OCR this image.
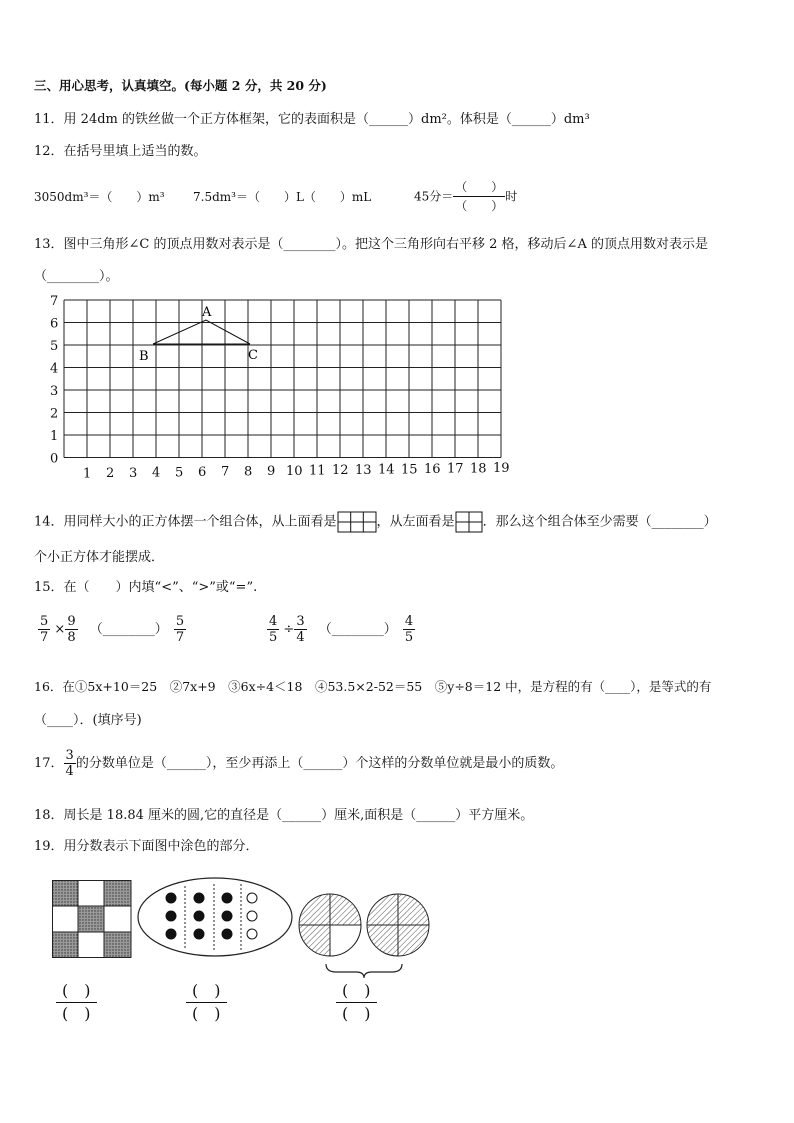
三、用心思考，认真填空。(每小题 2 分，共 20 分)
11．用 24dm 的铁丝做一个正方体框架，它的表面积是（______）dm²。体积是（______）dm³
12．在括号里填上适当的数。
3050dm³＝（　　）m³ 7.5dm³＝（　　）L（　　）mL	45分＝ $\frac{( )}{( )}$ 时
13．图中三角形∠C 的顶点用数对表示是（________）。把这个三角形向右平移 2 格，移动后∠A 的顶点用数对表示是
（________）。
7
6
5
4
3
2
1
0
1 2 3 4 5 6 7 8 9 10 11 12 13 14 15 16 17 18 19
A
B	C
14．用同样大小的正方体摆一个组合体，从上面看是	，从左面看是 ．那么这个组合体至少需要（________）
个小正方体才能摆成．
15．在（　　）内填“<”、“>”或“=”.
$\frac{5}{7} \times \frac{9}{8}$ （________） $\frac{5}{7}$	$\frac{4}{5} \div \frac{3}{4}$ （________） $\frac{4}{5}$
16．在①5x+10＝25　②7x+9　③6x÷4＜18　④53.5×2-52＝55　⑤y÷8＝12 中，是方程的有（____），是等式的有
（____）．(填序号)
17． $\frac{3}{4}$ 的分数单位是（______），至少再添上（______）个这样的分数单位就是最小的质数。
18．周长是 18.84 厘米的圆,它的直径是（______）厘米,面积是（______）平方厘米。
19．用分数表示下面图中涂色的部分．
$\frac{( )}{( )}$	$\frac{( )}{( )}$	$\frac{( )}{( )}$
